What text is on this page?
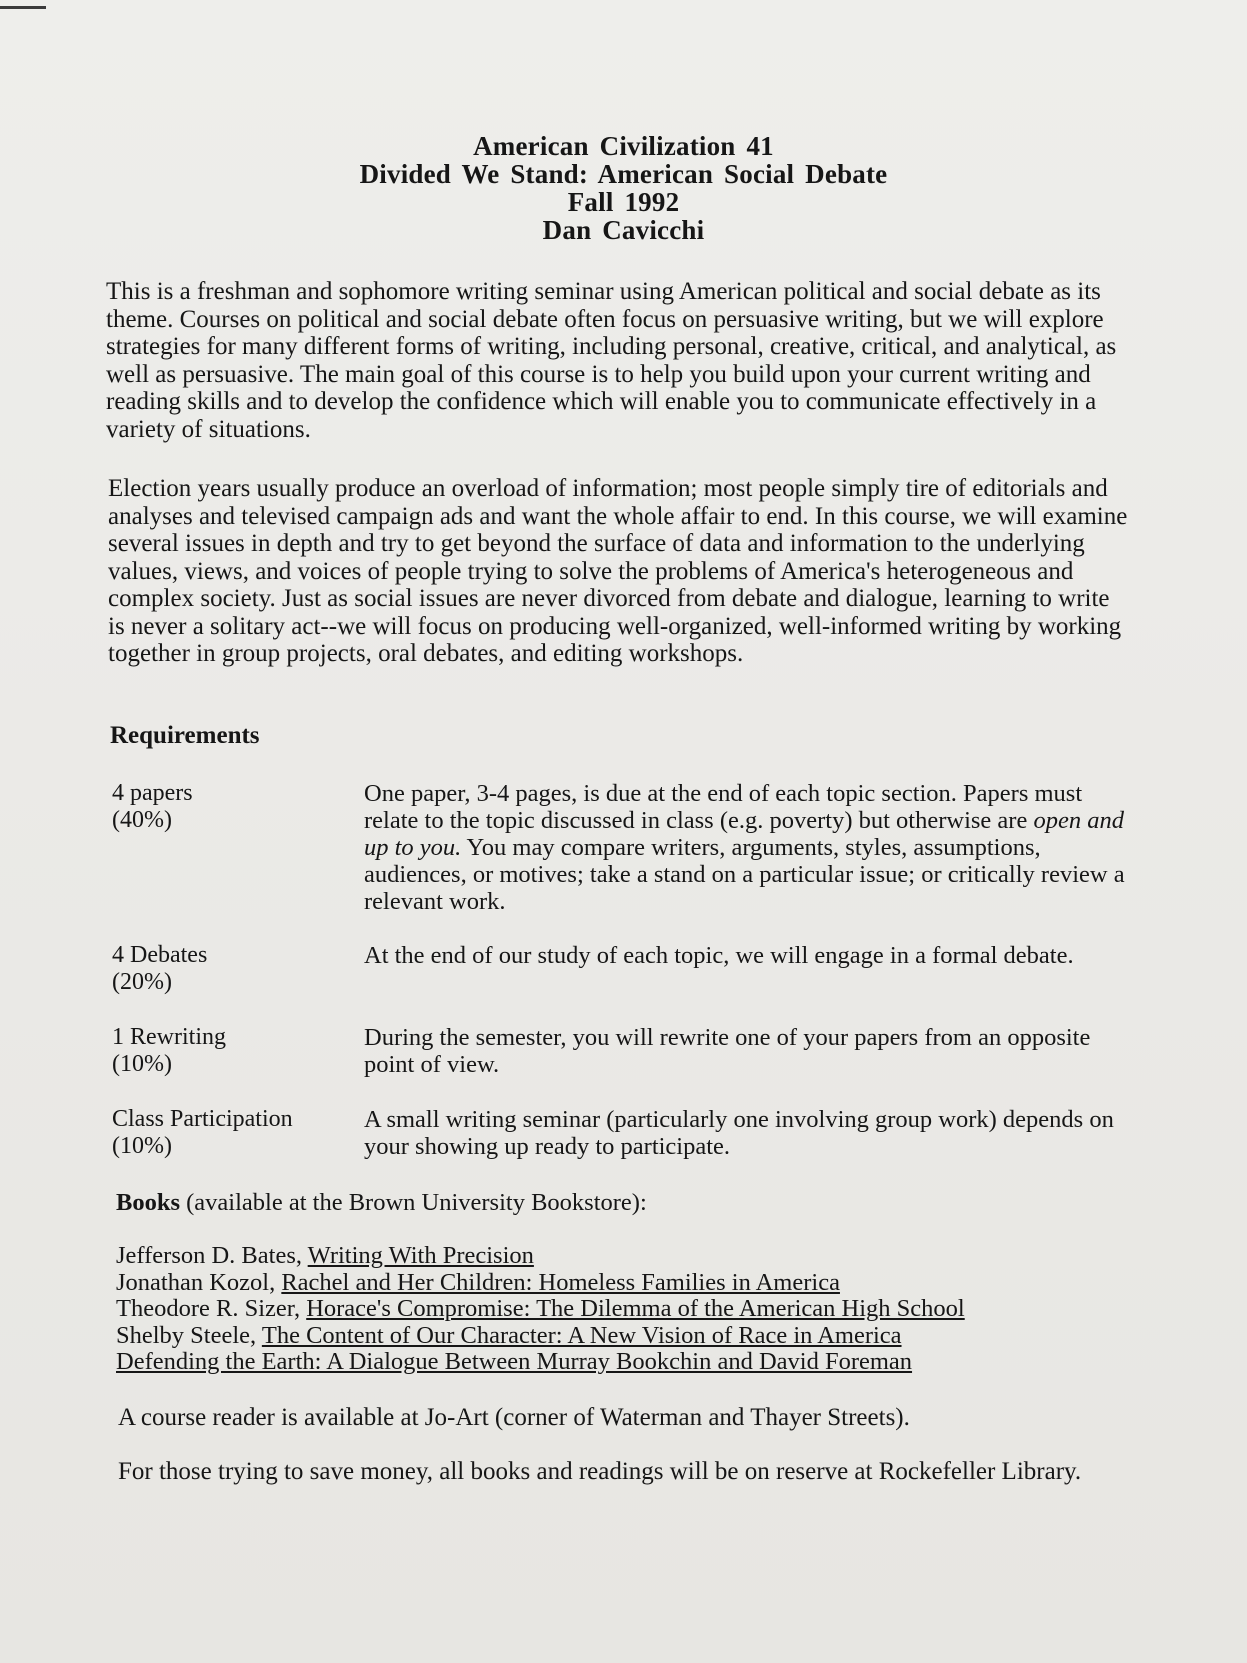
American Civilization 41
Divided We Stand: American Social Debate
Fall 1992
Dan Cavicchi

This is a freshman and sophomore writing seminar using American political and social debate as its theme. Courses on political and social debate often focus on persuasive writing, but we will explore strategies for many different forms of writing, including personal, creative, critical, and analytical, as well as persuasive. The main goal of this course is to help you build upon your current writing and reading skills and to develop the confidence which will enable you to communicate effectively in a variety of situations.

Election years usually produce an overload of information; most people simply tire of editorials and analyses and televised campaign ads and want the whole affair to end. In this course, we will examine several issues in depth and try to get beyond the surface of data and information to the underlying values, views, and voices of people trying to solve the problems of America's heterogeneous and complex society. Just as social issues are never divorced from debate and dialogue, learning to write is never a solitary act--we will focus on producing well-organized, well-informed writing by working together in group projects, oral debates, and editing workshops.

Requirements
4 papers
(40%)
One paper, 3-4 pages, is due at the end of each topic section. Papers must relate to the topic discussed in class (e.g. poverty) but otherwise are open and up to you. You may compare writers, arguments, styles, assumptions, audiences, or motives; take a stand on a particular issue; or critically review a relevant work.
4 Debates
(20%)
At the end of our study of each topic, we will engage in a formal debate.
1 Rewriting
(10%)
During the semester, you will rewrite one of your papers from an opposite point of view.
Class Participation
(10%)
A small writing seminar (particularly one involving group work) depends on your showing up ready to participate.
Books (available at the Brown University Bookstore):
Jefferson D. Bates, Writing With Precision
Jonathan Kozol, Rachel and Her Children: Homeless Families in America
Theodore R. Sizer, Horace's Compromise: The Dilemma of the American High School
Shelby Steele, The Content of Our Character: A New Vision of Race in America
Defending the Earth: A Dialogue Between Murray Bookchin and David Foreman

A course reader is available at Jo-Art (corner of Waterman and Thayer Streets).

For those trying to save money, all books and readings will be on reserve at Rockefeller Library.
